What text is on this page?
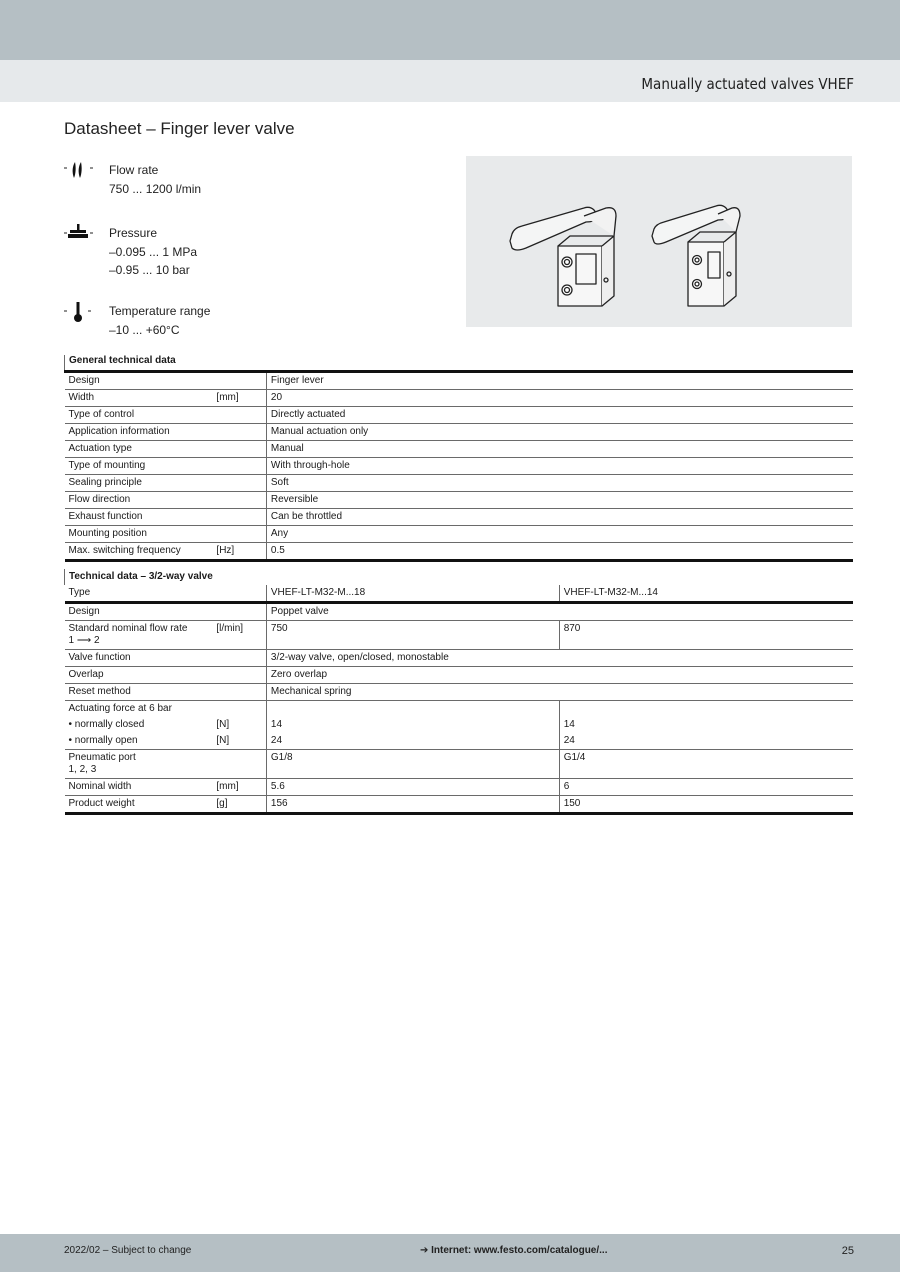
Manually actuated valves VHEF
Datasheet – Finger lever valve
Flow rate
750 ... 1200 l/min
Pressure
–0.095 ... 1 MPa
–0.95 ... 10 bar
Temperature range
–10 ... +60°C
General technical data		
Design		Finger lever
Width	[mm]	20
Type of control		Directly actuated
Application information		Manual actuation only
Actuation type		Manual
Type of mounting		With through-hole
Sealing principle		Soft
Flow direction		Reversible
Exhaust function		Can be throttled
Mounting position		Any
Max. switching frequency	[Hz]	0.5
Technical data – 3/2-way valve			
Type		VHEF-LT-M32-M...18	VHEF-LT-M32-M...14
Design		Poppet valve	

Standard nominal flow rate
1 ⟶ 2	[l/min]	750	870
Valve function		3/2-way valve, open/closed, monostable	
Overlap		Zero overlap	
Reset method		Mechanical spring	
Actuating force at 6 bar			
• normally closed	[N]	14	14
• normally open	[N]	24	24

Pneumatic port
1, 2, 3		G1/8	G1/4
Nominal width	[mm]	5.6	6
Product weight	[g]	156	150
2022/02 – Subject to change	➔ Internet: www.festo.com/catalogue/...	25
